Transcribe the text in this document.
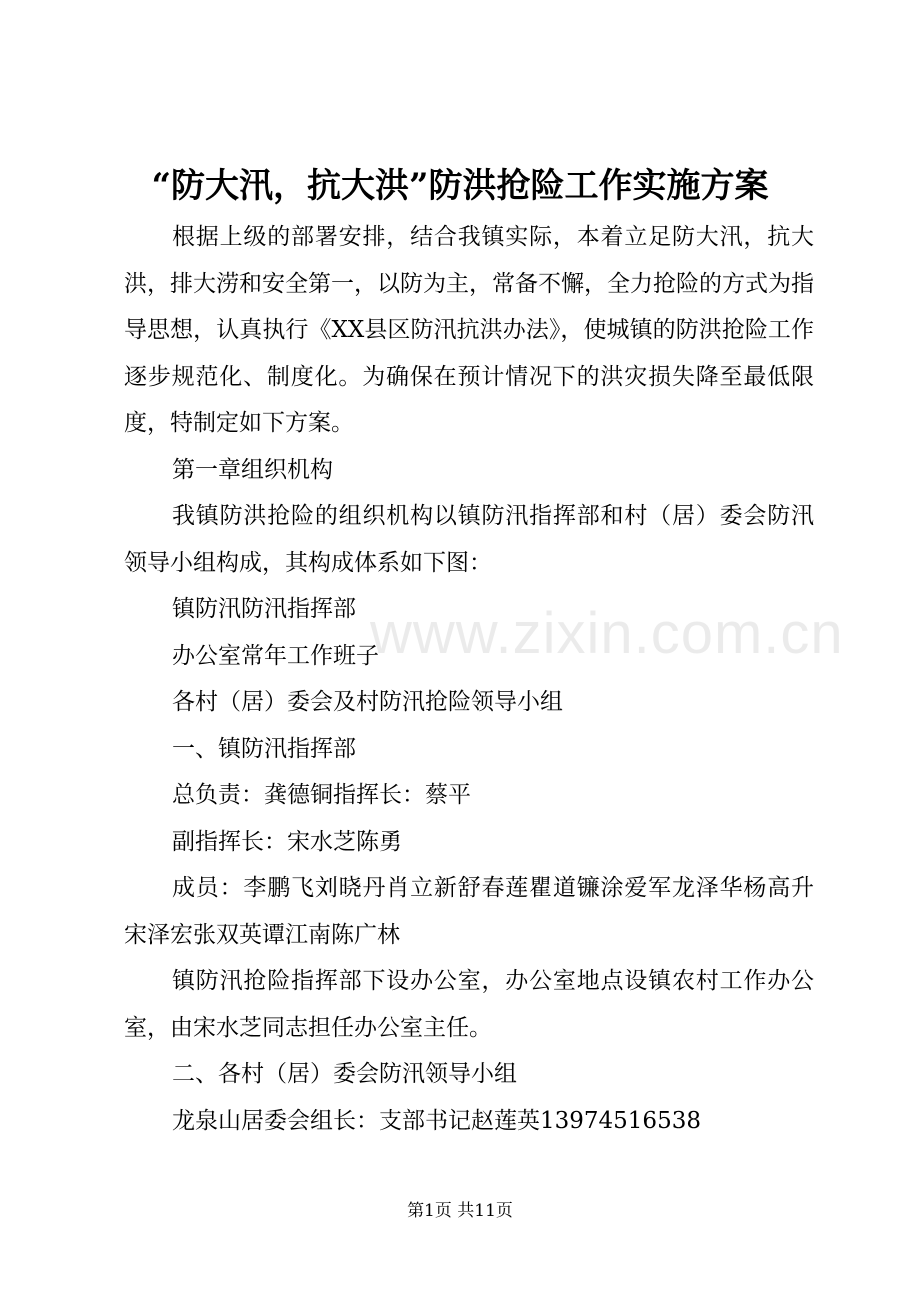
“防大汛，抗大洪”防洪抢险工作实施方案

根据上级的部署安排，结合我镇实际，本着立足防大汛，抗大洪，排大涝和安全第一，以防为主，常备不懈，全力抢险的方式为指导思想，认真执行《XX县区防汛抗洪办法》，使城镇的防洪抢险工作逐步规范化、制度化。为确保在预计情况下的洪灾损失降至最低限度，特制定如下方案。

第一章组织机构

我镇防洪抢险的组织机构以镇防汛指挥部和村（居）委会防汛领导小组构成，其构成体系如下图：

镇防汛防汛指挥部

办公室常年工作班子

各村（居）委会及村防汛抢险领导小组

一、镇防汛指挥部

总负责：龚德铜指挥长：蔡平

副指挥长：宋水芝陈勇

成员：李鹏飞刘晓丹肖立新舒春莲瞿道镰涂爱军龙泽华杨高升宋泽宏张双英谭江南陈广林

镇防汛抢险指挥部下设办公室，办公室地点设镇农村工作办公室，由宋水芝同志担任办公室主任。

二、各村（居）委会防汛领导小组

龙泉山居委会组长：支部书记赵莲英13974516538

www.zixin.com.cn
第1页 共11页
